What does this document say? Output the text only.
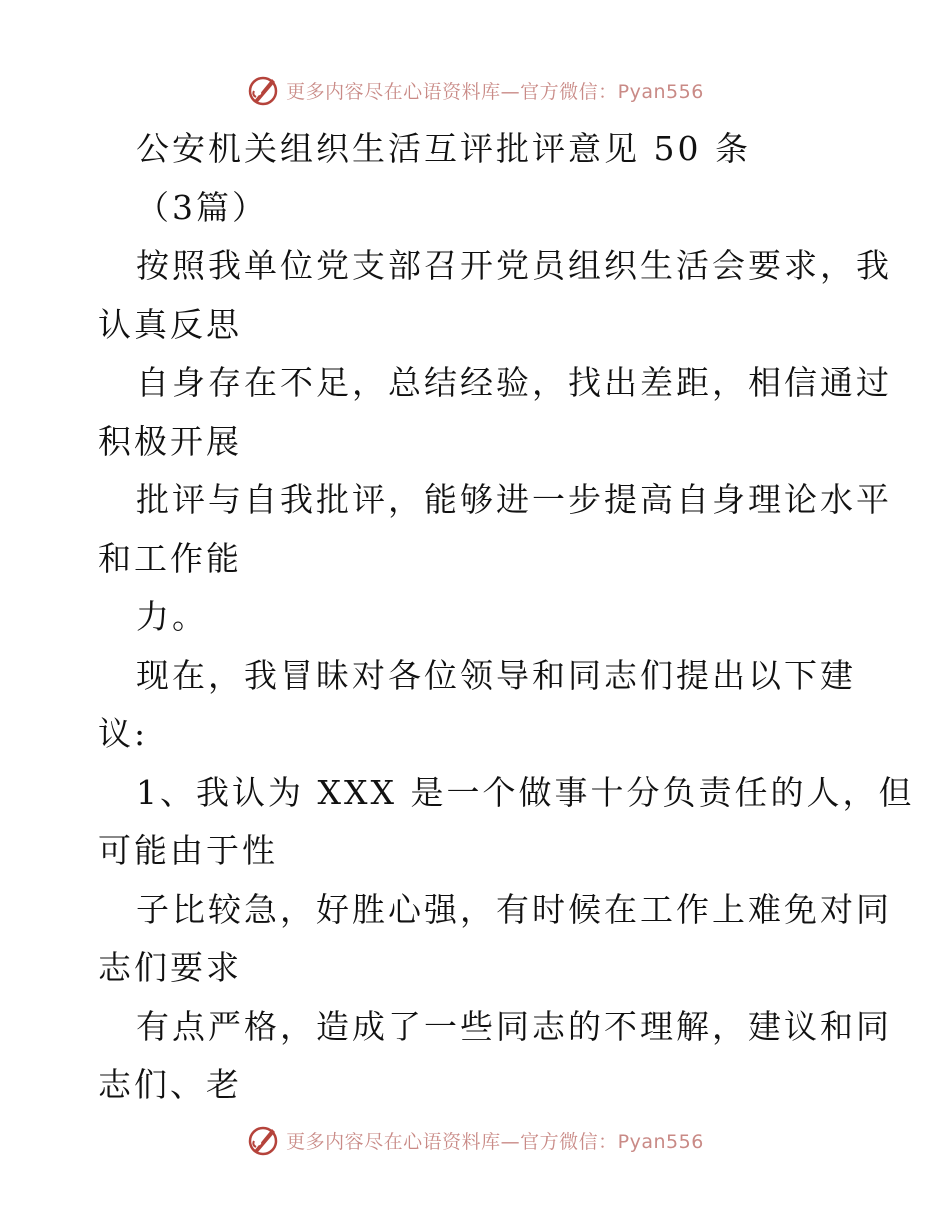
更多内容尽在心语资料库—官方微信：Pyan556
公安机关组织生活互评批评意见 50 条
（3篇）
按照我单位党支部召开党员组织生活会要求，我
认真反思
自身存在不足，总结经验，找出差距，相信通过
积极开展
批评与自我批评，能够进一步提高自身理论水平
和工作能
力。
现在，我冒昧对各位领导和同志们提出以下建
议:
1、我认为 XXX 是一个做事十分负责任的人，但
可能由于性
子比较急，好胜心强，有时候在工作上难免对同
志们要求
有点严格，造成了一些同志的不理解，建议和同
志们、老
更多内容尽在心语资料库—官方微信：Pyan556
